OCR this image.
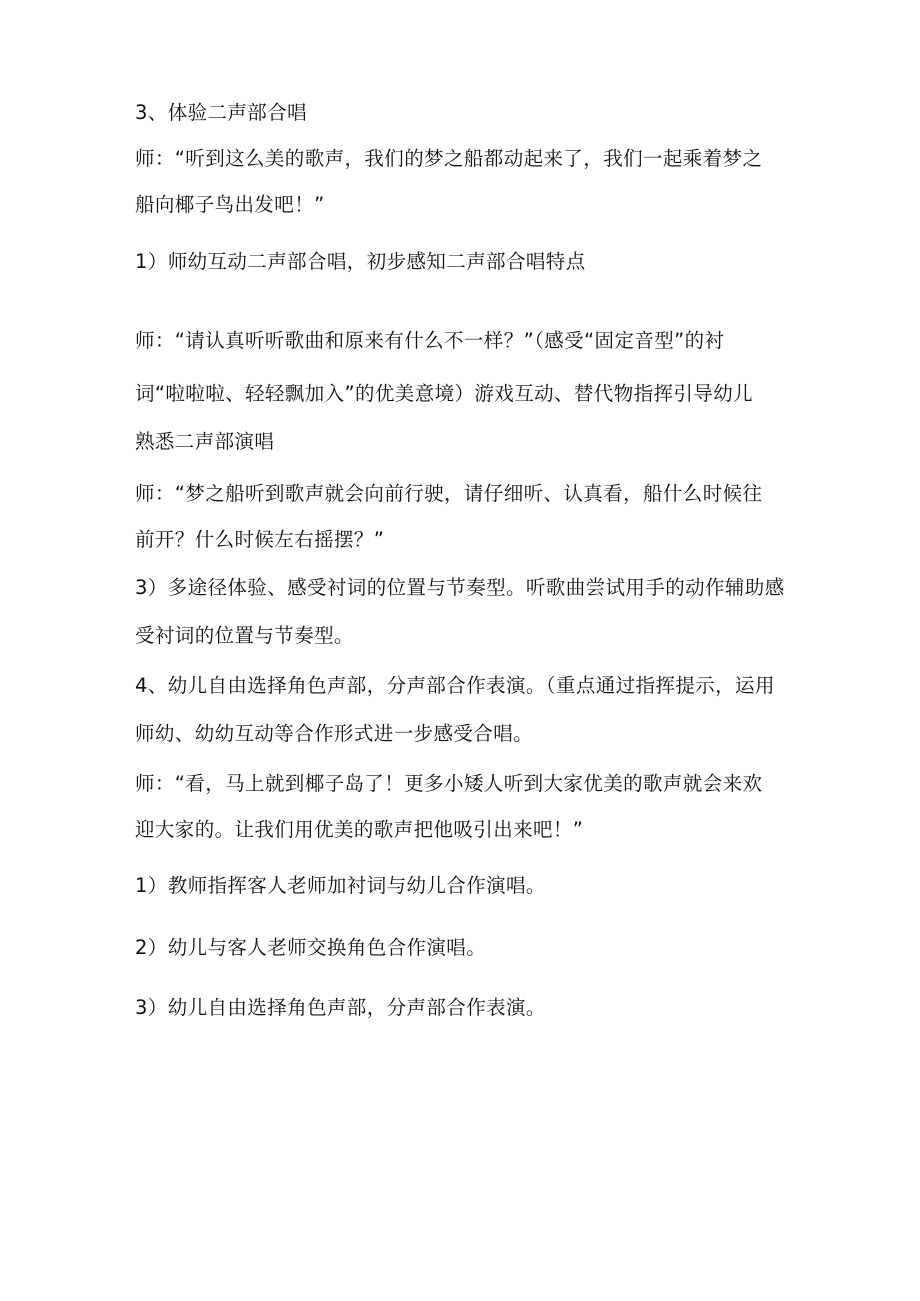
3、体验二声部合唱
师：“听到这么美的歌声，我们的梦之船都动起来了，我们一起乘着梦之
船向椰子鸟出发吧！”
1）师幼互动二声部合唱，初步感知二声部合唱特点
师：“请认真听听歌曲和原来有什么不一样？”（感受“固定音型”的衬
词“啦啦啦、轻轻飘加入”的优美意境）游戏互动、替代物指挥引导幼儿
熟悉二声部演唱
师：“梦之船听到歌声就会向前行驶，请仔细听、认真看，船什么时候往
前开？什么时候左右摇摆？”
3）多途径体验、感受衬词的位置与节奏型。听歌曲尝试用手的动作辅助感
受衬词的位置与节奏型。
4、幼儿自由选择角色声部，分声部合作表演。（重点通过指挥提示，运用
师幼、幼幼互动等合作形式进一步感受合唱。
师：“看，马上就到椰子岛了！更多小矮人听到大家优美的歌声就会来欢
迎大家的。让我们用优美的歌声把他吸引出来吧！”
1）教师指挥客人老师加衬词与幼儿合作演唱。
2）幼儿与客人老师交换角色合作演唱。
3）幼儿自由选择角色声部，分声部合作表演。
